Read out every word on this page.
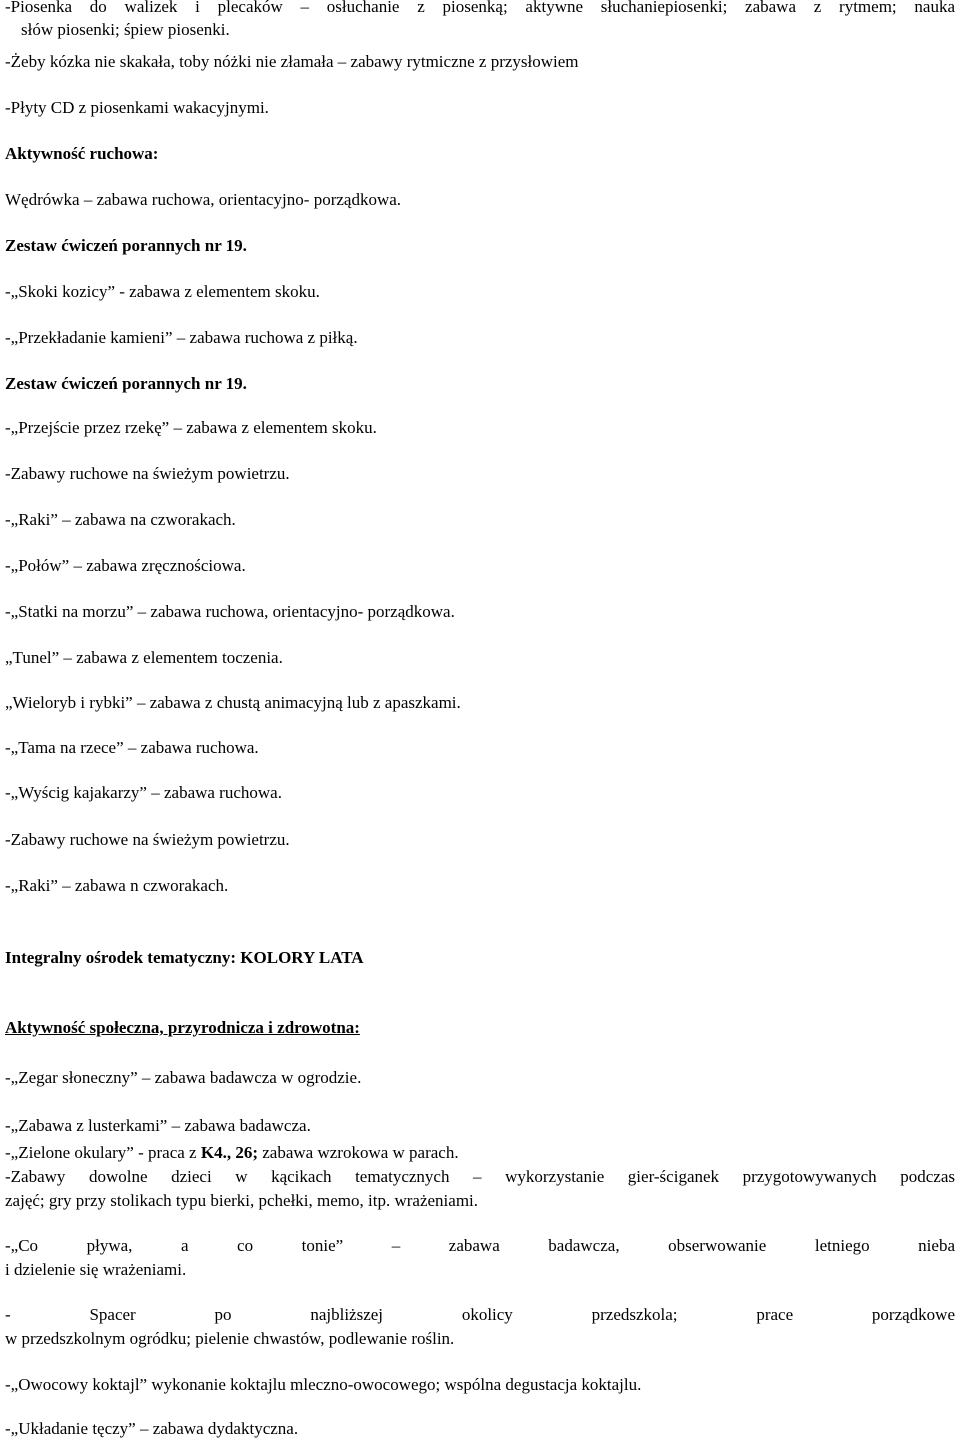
-Piosenka do walizek i plecaków – osłuchanie z piosenką; aktywne słuchaniepiosenki; zabawa z rytmem; nauka
słów piosenki; śpiew piosenki.
-Żeby kózka nie skakała, toby nóżki nie złamała – zabawy rytmiczne z przysłowiem
-Płyty CD z piosenkami wakacyjnymi.
Aktywność ruchowa:
Wędrówka – zabawa ruchowa, orientacyjno- porządkowa.
Zestaw ćwiczeń porannych nr 19.
-„Skoki kozicy” - zabawa z elementem skoku.
-„Przekładanie kamieni” – zabawa ruchowa z piłką.
Zestaw ćwiczeń porannych nr 19.
-„Przejście przez rzekę” – zabawa z elementem skoku.
-Zabawy ruchowe na świeżym powietrzu.
-„Raki” – zabawa na czworakach.
-„Połów” – zabawa zręcznościowa.
-„Statki na morzu” – zabawa ruchowa, orientacyjno- porządkowa.
„Tunel” – zabawa z elementem toczenia.
„Wieloryb i rybki” – zabawa z chustą animacyjną lub z apaszkami.
-„Tama na rzece” – zabawa ruchowa.
-„Wyścig kajakarzy” – zabawa ruchowa.
-Zabawy ruchowe na świeżym powietrzu.
-„Raki” – zabawa n czworakach.
Integralny ośrodek tematyczny: KOLORY LATA
Aktywność społeczna, przyrodnicza i zdrowotna:
-„Zegar słoneczny” – zabawa badawcza w ogrodzie.
-„Zabawa z lusterkami” – zabawa badawcza.
-„Zielone okulary” - praca z K4., 26; zabawa wzrokowa w parach.
-Zabawy dowolne dzieci w kącikach tematycznych – wykorzystanie gier-ściganek przygotowywanych podczas
zajęć; gry przy stolikach typu bierki, pchełki, memo, itp. wrażeniami.
-„Co pływa, a co tonie” – zabawa badawcza, obserwowanie letniego nieba
i dzielenie się wrażeniami.
- Spacer po najbliższej okolicy przedszkola; prace porządkowe
w przedszkolnym ogródku; pielenie chwastów, podlewanie roślin.
-„Owocowy koktajl” wykonanie koktajlu mleczno-owocowego; wspólna degustacja koktajlu.
-„Układanie tęczy” – zabawa dydaktyczna.
